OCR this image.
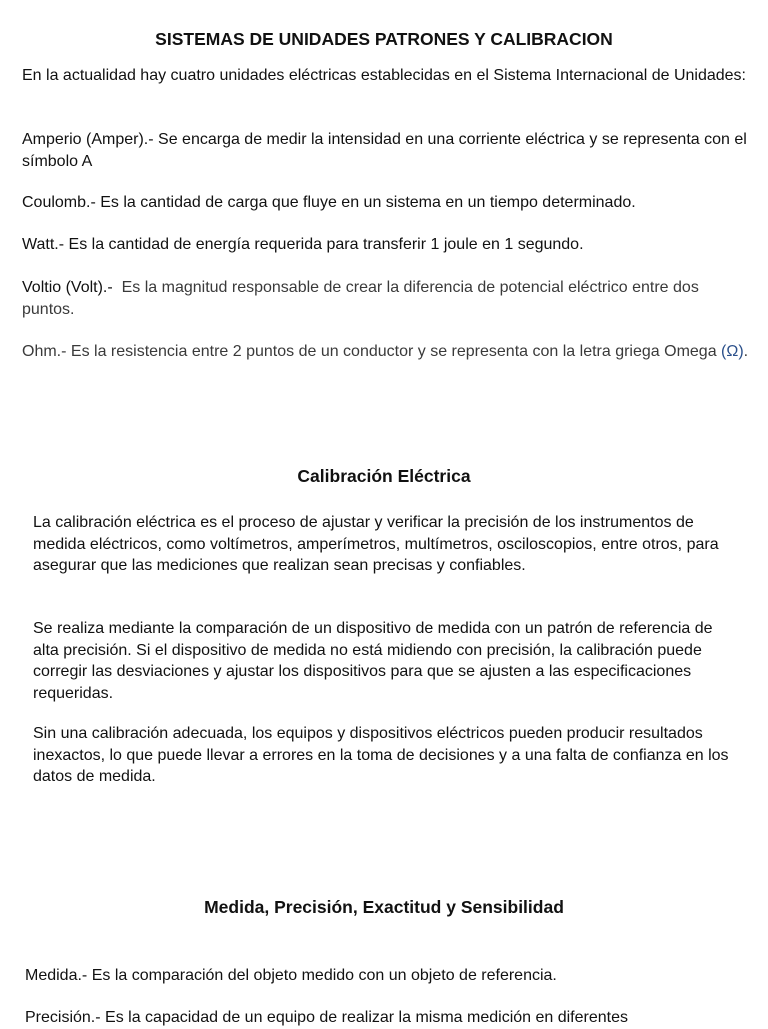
SISTEMAS DE UNIDADES PATRONES Y CALIBRACION

En la actualidad hay cuatro unidades eléctricas establecidas en el Sistema Internacional de Unidades:

Amperio (Amper).- Se encarga de medir la intensidad en una corriente eléctrica y se representa con el símbolo A

Coulomb.- Es la cantidad de carga que fluye en un sistema en un tiempo determinado.

Watt.- Es la cantidad de energía requerida para transferir 1 joule en 1 segundo.

Voltio (Volt).-  Es la magnitud responsable de crear la diferencia de potencial eléctrico entre dos puntos.

Ohm.- Es la resistencia entre 2 puntos de un conductor y se representa con la letra griega Omega (Ω).

Calibración Eléctrica

La calibración eléctrica es el proceso de ajustar y verificar la precisión de los instrumentos de medida eléctricos, como voltímetros, amperímetros, multímetros, osciloscopios, entre otros, para asegurar que las mediciones que realizan sean precisas y confiables.

Se realiza mediante la comparación de un dispositivo de medida con un patrón de referencia de alta precisión. Si el dispositivo de medida no está midiendo con precisión, la calibración puede corregir las desviaciones y ajustar los dispositivos para que se ajusten a las especificaciones requeridas.

Sin una calibración adecuada, los equipos y dispositivos eléctricos pueden producir resultados inexactos, lo que puede llevar a errores en la toma de decisiones y a una falta de confianza en los datos de medida.

Medida, Precisión, Exactitud y Sensibilidad

Medida.- Es la comparación del objeto medido con un objeto de referencia.

Precisión.- Es la capacidad de un equipo de realizar la misma medición en diferentes
